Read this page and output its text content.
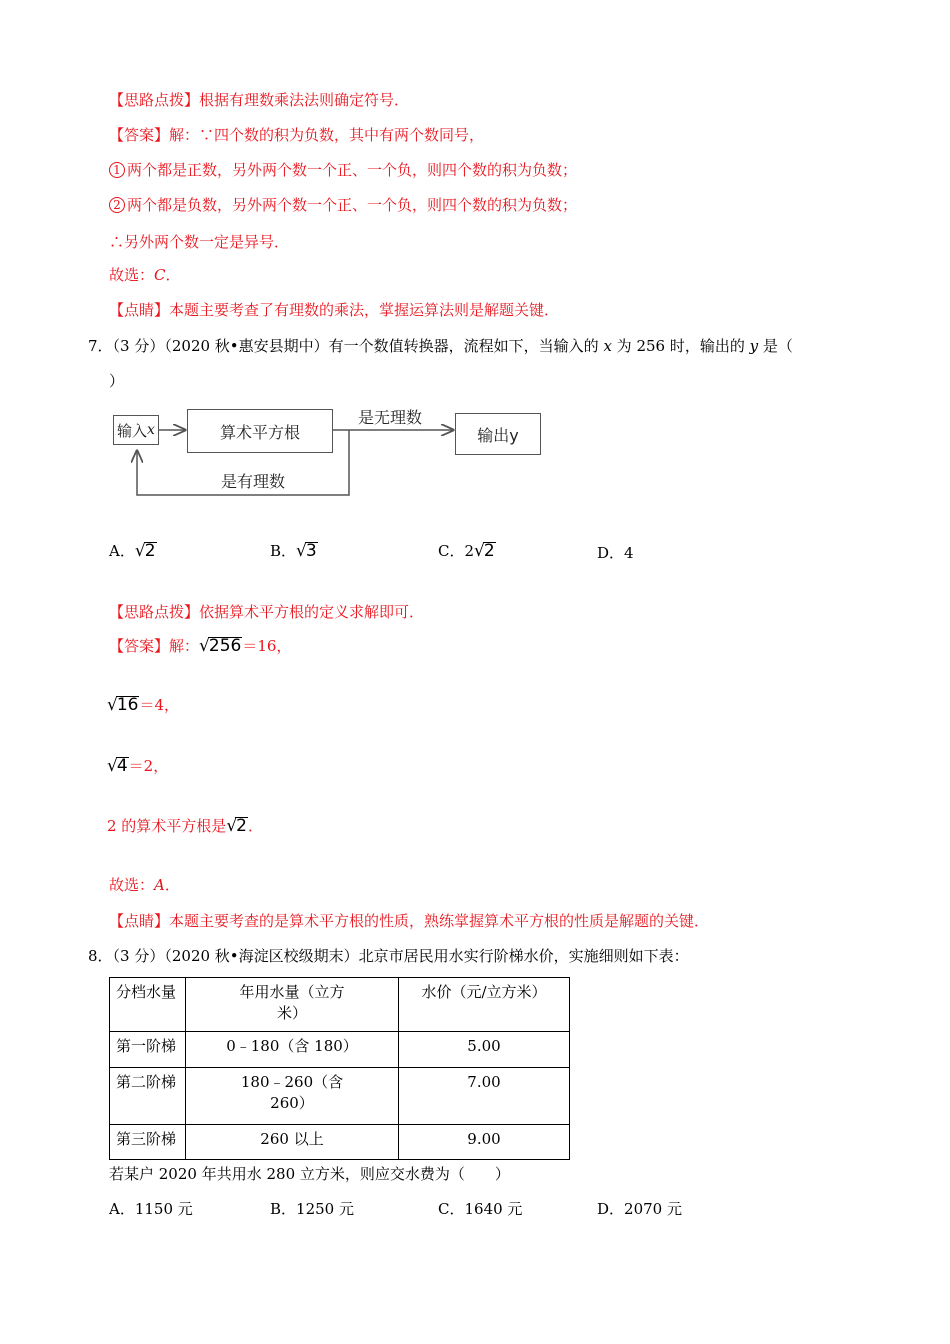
【思路点拨】根据有理数乘法法则确定符号．
【答案】解：∵四个数的积为负数，其中有两个数同号，
1 两个都是正数，另外两个数一个正、一个负，则四个数的积为负数；
2 两个都是负数，另外两个数一个正、一个负，则四个数的积为负数；
∴另外两个数一定是异号．
故选：C．
【点睛】本题主要考查了有理数的乘法，掌握运算法则是解题关键．
7．（3 分）（2020 秋•惠安县期中）有一个数值转换器，流程如下，当输入的 x 为 256 时，输出的 y 是（
）
输入 x	算术平方根
是无理数
输出y
是有理数
A．√2	B．√3	C．2√2	D．4
【思路点拨】依据算术平方根的定义求解即可．
【答案】解：√256＝16，
√16＝4，
√4＝2，
2 的算术平方根是√2．
故选：A．
【点睛】本题主要考查的是算术平方根的性质，熟练掌握算术平方根的性质是解题的关键．
8．（3 分）（2020 秋•海淀区校级期末）北京市居民用水实行阶梯水价，实施细则如下表：
分档水量	年用水量（立方
米）	水价（元/立方米）
第一阶梯	0﹣180（含 180）	5.00
第二阶梯	180﹣260（含
260）	7.00
第三阶梯	260 以上	9.00
若某户 2020 年共用水 280 立方米，则应交水费为（　　）
A．1150 元	B．1250 元	C．1640 元	D．2070 元
